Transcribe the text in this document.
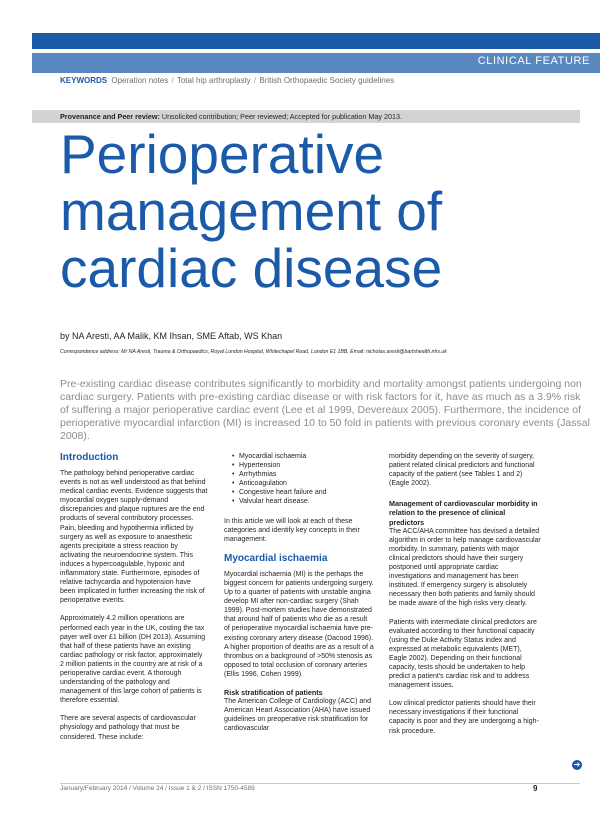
CLINICAL FEATURE
KEYWORDS Operation notes / Total hip arthroplasty / British Orthopaedic Society guidelines
Provenance and Peer review: Unsolicited contribution; Peer reviewed; Accepted for publication May 2013.
Perioperative
management of
cardiac disease
by NA Aresti, AA Malik, KM Ihsan, SME Aftab, WS Khan
Correspondence address: Mr NA Aresti, Trauma & Orthopaedics, Royal London Hospital, Whitechapel Road, London E1 1BB. Email: nicholas.aresti@bartshealth.nhs.uk

Pre-existing cardiac disease contributes significantly to morbidity and mortality amongst patients undergoing non cardiac surgery. Patients with pre-existing cardiac disease or with risk factors for it, have as much as a 3.9% risk of suffering a major perioperative cardiac event (Lee et al 1999, Devereaux 2005). Furthermore, the incidence of perioperative myocardial infarction (MI) is increased 10 to 50 fold in patients with previous coronary events (Jassal 2008).

Introduction

The pathology behind perioperative cardiac events is not as well understood as that behind medical cardiac events. Evidence suggests that myocardial oxygen supply-demand discrepancies and plaque ruptures are the end products of several contributory processes. Pain, bleeding and hypothermia inflicted by surgery as well as exposure to anaesthetic agents precipitate a stress reaction by activating the neuroendocrine system. This induces a hypercoagulable, hypoxic and inflammatory state. Furthermore, episodes of relative tachycardia and hypotension have been implicated in further increasing the risk of perioperative events.

Approximately 4.2 million operations are performed each year in the UK, costing the tax payer well over £1 billion (DH 2013). Assuming that half of these patients have an existing cardiac pathology or risk factor, approximately 2 million patients in the country are at risk of a perioperative cardiac event. A thorough understanding of the pathology and management of this large cohort of patients is therefore essential.

There are several aspects of cardiovascular physiology and pathology that must be considered. These include:

• Myocardial ischaemia
• Hypertension
• Arrhythmias
• Anticoagulation
• Congestive heart failure and
• Valvular heart disease.

In this article we will look at each of these categories and identify key concepts in their management.

Myocardial ischaemia

Myocardial ischaemia (MI) is the perhaps the biggest concern for patients undergoing surgery. Up to a quarter of patients with unstable angina develop MI after non-cardiac surgery (Shah 1999). Post-mortem studies have demonstrated that around half of patients who die as a result of perioperative myocardial ischaemia have pre-existing coronary artery disease (Dacood 1996). A higher proportion of deaths are as a result of a thrombus on a background of >50% stenosis as opposed to total occlusion of coronary arteries (Ellis 1996, Cohen 1999).

Risk stratification of patients

The American College of Cardiology (ACC) and American Heart Association (AHA) have issued guidelines on preoperative risk stratification for cardiovascular

morbidity depending on the severity of surgery, patient related clinical predictors and functional capacity of the patient (see Tables 1 and 2) (Eagle 2002).

Management of cardiovascular morbidity in relation to the presence of clinical predictors

The ACC/AHA committee has devised a detailed algorithm in order to help manage cardiovascular morbidity. In summary, patients with major clinical predictors should have their surgery postponed until appropriate cardiac investigations and management has been instituted. If emergency surgery is absolutely necessary then both patients and family should be made aware of the high risks very clearly.

Patients with intermediate clinical predictors are evaluated according to their functional capacity (using the Duke Activity Status index and expressed at metabolic equivalents (MET), Eagle 2002). Depending on their functional capacity, tests should be undertaken to help predict a patient's cardiac risk and to address management issues.

Low clinical predictor patients should have their necessary investigations if their functional capacity is poor and they are undergoing a high-risk procedure.

➜
January/February 2014 / Volume 24 / Issue 1 & 2 / ISSN 1750-4589	9
